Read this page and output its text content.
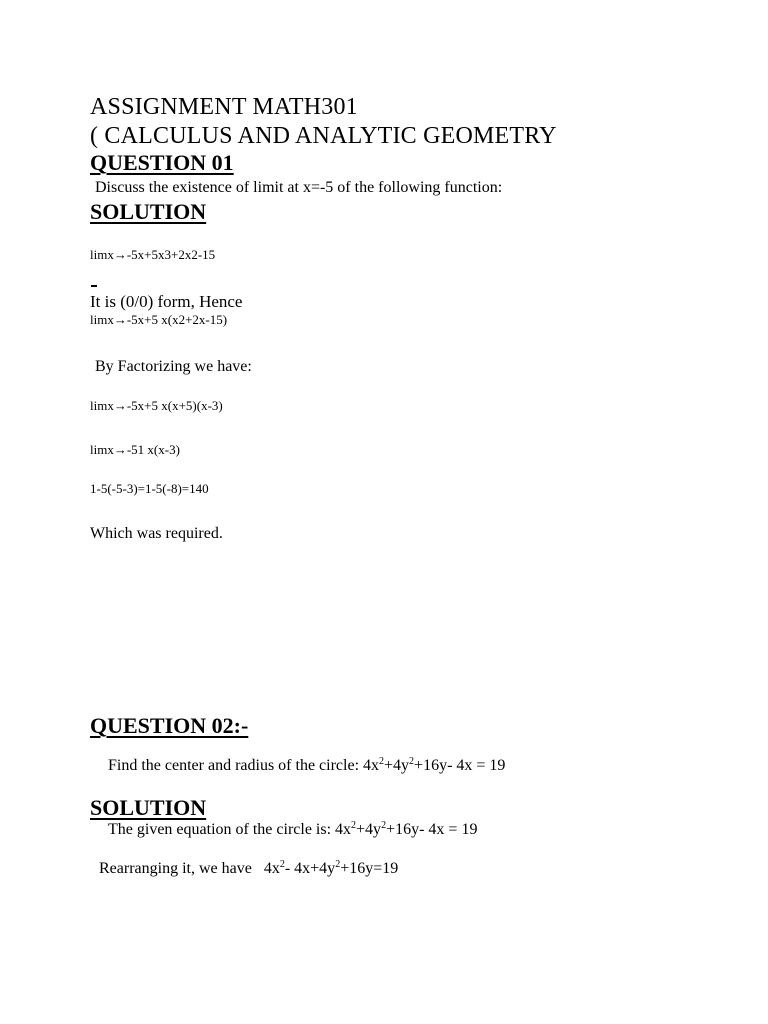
ASSIGNMENT MATH301
( CALCULUS AND ANALYTIC GEOMETRY
QUESTION 01
Discuss the existence of limit at x=-5 of the following function:
SOLUTION
limx→-5x+5x3+2x2-15
It is (0/0) form, Hence
limx→-5x+5 x(x2+2x-15)
By Factorizing we have:
limx→-5x+5 x(x+5)(x-3)
limx→-51 x(x-3)
1-5(-5-3)=1-5(-8)=140
Which was required.
QUESTION 02:-
Find the center and radius of the circle: $4x^2+4y^2+16y-$ 4x = 19
SOLUTION
The given equation of the circle is: $4x^2+4y^2+16y-$ 4x = 19
Rearranging it, we have   $4x^2-$ $4x+4y^2+16y=19$
